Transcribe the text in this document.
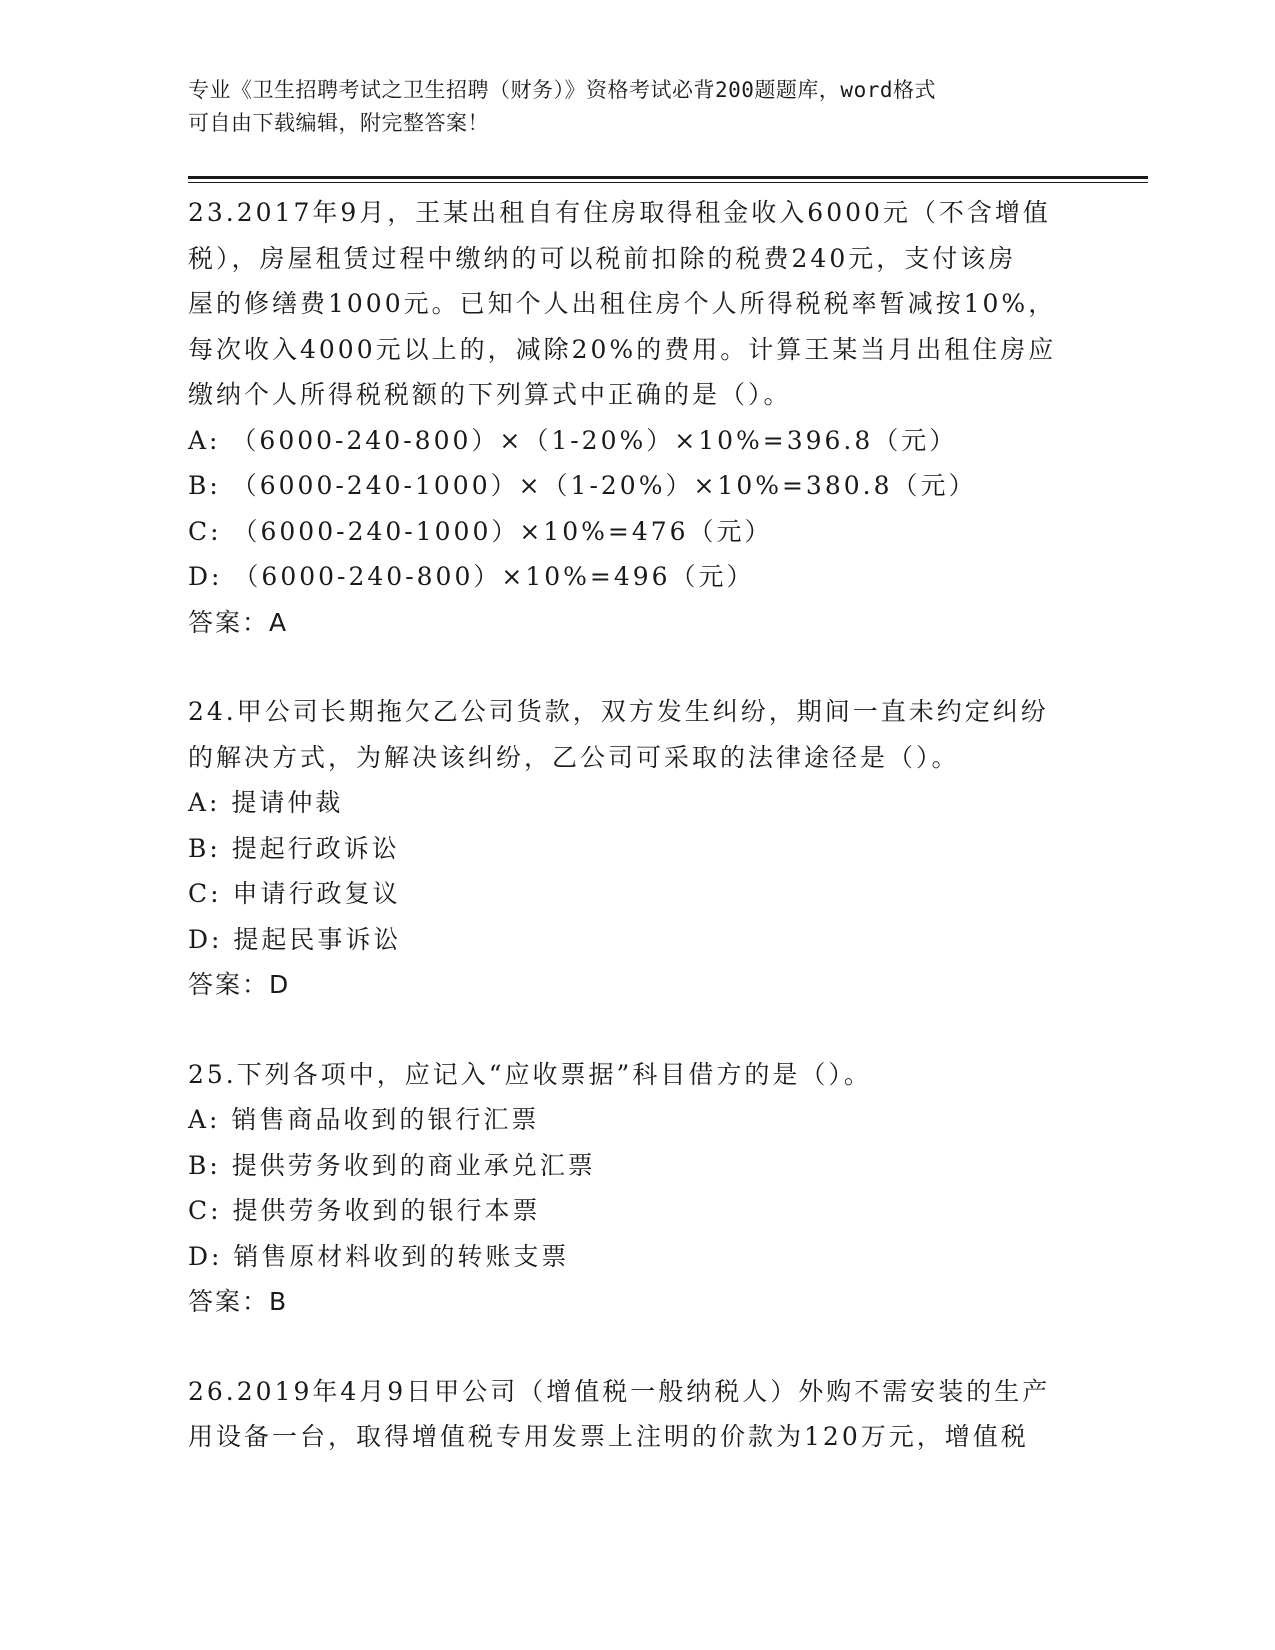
专业《卫生招聘考试之卫生招聘（财务）》资格考试必背200题题库，word格式
可自由下载编辑，附完整答案！
23.2017年9月，王某出租自有住房取得租金收入6000元（不含增值
税），房屋租赁过程中缴纳的可以税前扣除的税费240元，支付该房
屋的修缮费1000元。已知个人出租住房个人所得税税率暂减按10%，
每次收入4000元以上的，减除20%的费用。计算王某当月出租住房应
缴纳个人所得税税额的下列算式中正确的是（）。
A: （6000-240-800）×（1-20%）×10%=396.8（元）
B: （6000-240-1000）×（1-20%）×10%=380.8（元）
C: （6000-240-1000）×10%=476（元）
D: （6000-240-800）×10%=496（元）
答案：A
24.甲公司长期拖欠乙公司货款，双方发生纠纷，期间一直未约定纠纷
的解决方式，为解决该纠纷，乙公司可采取的法律途径是（）。
A: 提请仲裁
B: 提起行政诉讼
C: 申请行政复议
D: 提起民事诉讼
答案：D
25.下列各项中，应记入“应收票据”科目借方的是（）。
A: 销售商品收到的银行汇票
B: 提供劳务收到的商业承兑汇票
C: 提供劳务收到的银行本票
D: 销售原材料收到的转账支票
答案：B
26.2019年4月9日甲公司（增值税一般纳税人）外购不需安装的生产
用设备一台，取得增值税专用发票上注明的价款为120万元，增值税
